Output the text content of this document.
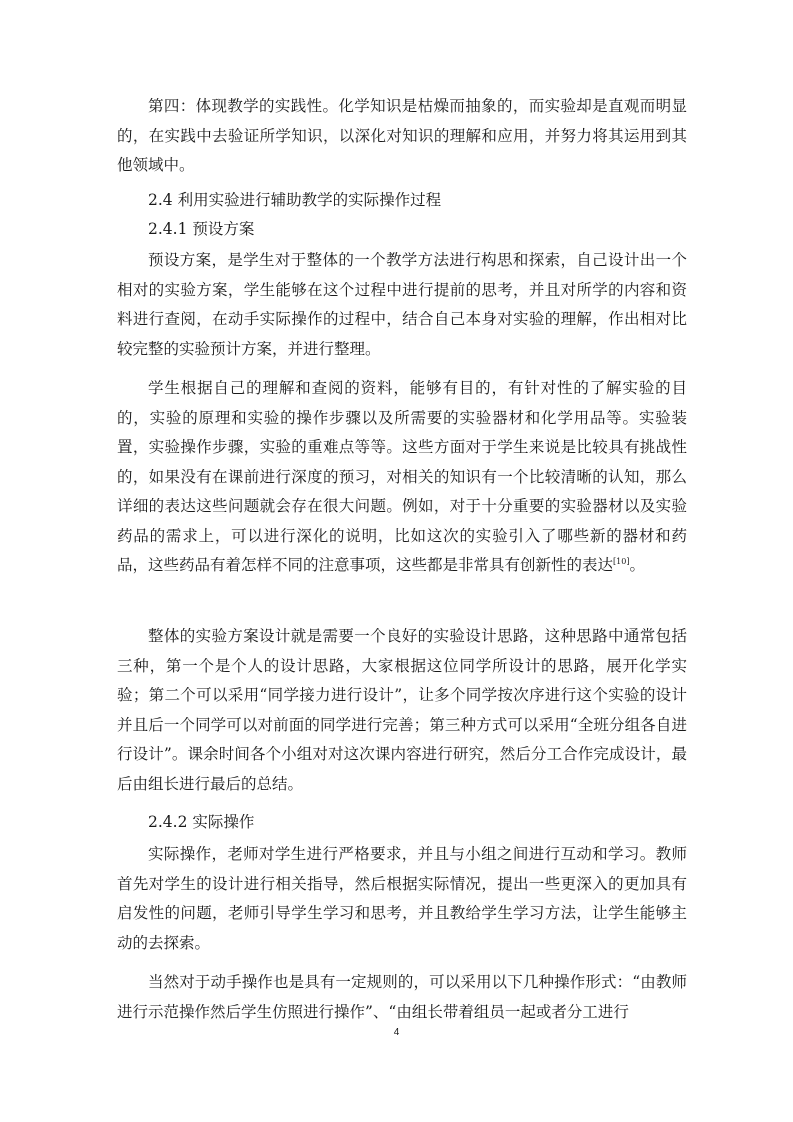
第四：体现教学的实践性。化学知识是枯燥而抽象的，而实验却是直观而明显的，在实践中去验证所学知识，以深化对知识的理解和应用，并努力将其运用到其他领域中。

2.4 利用实验进行辅助教学的实际操作过程

2.4.1 预设方案

预设方案，是学生对于整体的一个教学方法进行构思和探索，自己设计出一个相对的实验方案，学生能够在这个过程中进行提前的思考，并且对所学的内容和资料进行查阅，在动手实际操作的过程中，结合自己本身对实验的理解，作出相对比较完整的实验预计方案，并进行整理。

学生根据自己的理解和查阅的资料，能够有目的，有针对性的了解实验的目的，实验的原理和实验的操作步骤以及所需要的实验器材和化学用品等。实验装置，实验操作步骤，实验的重难点等等。这些方面对于学生来说是比较具有挑战性的，如果没有在课前进行深度的预习，对相关的知识有一个比较清晰的认知，那么详细的表达这些问题就会存在很大问题。例如，对于十分重要的实验器材以及实验药品的需求上，可以进行深化的说明，比如这次的实验引入了哪些新的器材和药品，这些药品有着怎样不同的注意事项，这些都是非常具有创新性的表达[10]。

整体的实验方案设计就是需要一个良好的实验设计思路，这种思路中通常包括三种，第一个是个人的设计思路，大家根据这位同学所设计的思路，展开化学实验；第二个可以采用“同学接力进行设计”，让多个同学按次序进行这个实验的设计并且后一个同学可以对前面的同学进行完善；第三种方式可以采用“全班分组各自进行设计”。课余时间各个小组对对这次课内容进行研究，然后分工合作完成设计，最后由组长进行最后的总结。

2.4.2 实际操作

实际操作，老师对学生进行严格要求，并且与小组之间进行互动和学习。教师首先对学生的设计进行相关指导，然后根据实际情况，提出一些更深入的更加具有启发性的问题，老师引导学生学习和思考，并且教给学生学习方法，让学生能够主动的去探索。

当然对于动手操作也是具有一定规则的，可以采用以下几种操作形式：“由教师进行示范操作然后学生仿照进行操作”、“由组长带着组员一起或者分工进行

4
